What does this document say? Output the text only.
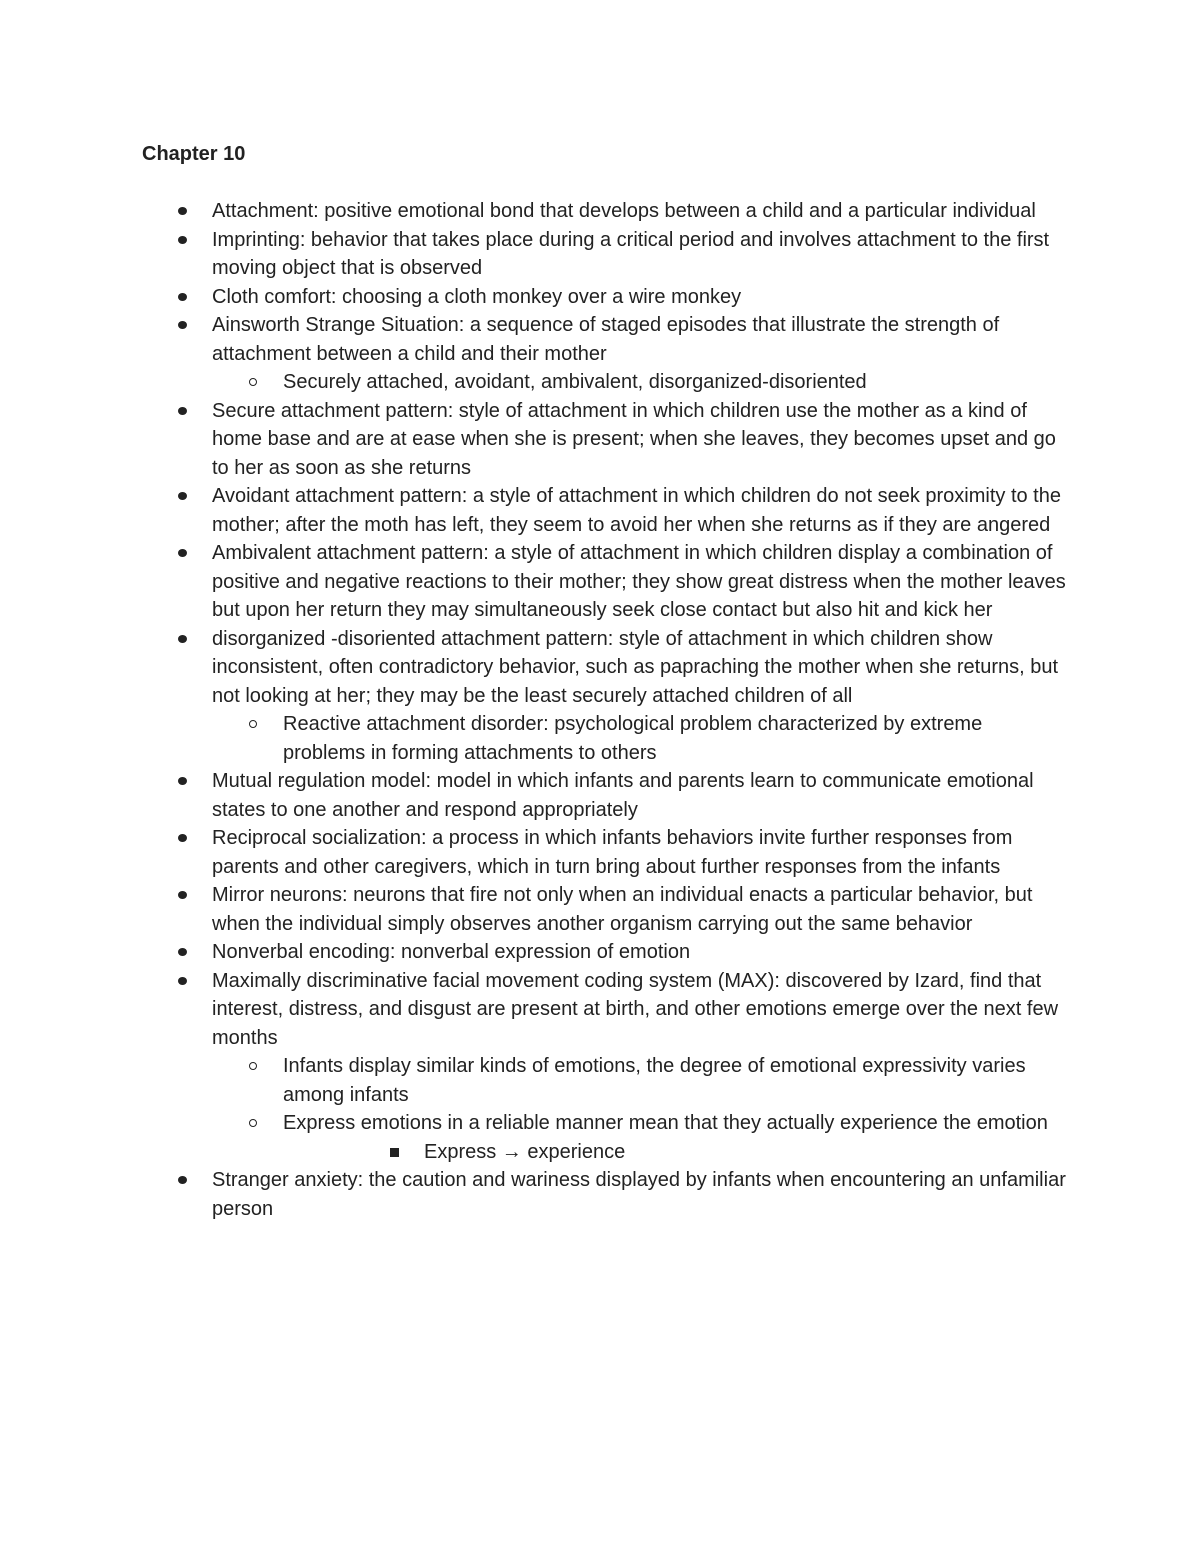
Chapter 10
Attachment: positive emotional bond that develops between a child and a particular individual
Imprinting: behavior that takes place during a critical period and involves attachment to the first moving object that is observed
Cloth comfort: choosing a cloth monkey over a wire monkey
Ainsworth Strange Situation: a sequence of staged episodes that illustrate the strength of attachment between a child and their mother
Securely attached, avoidant, ambivalent, disorganized-disoriented
Secure attachment pattern: style of attachment in which children use the mother as a kind of home base and are at ease when she is present; when she leaves, they becomes upset and go to her as soon as she returns
Avoidant attachment pattern: a style of attachment in which children do not seek proximity to the mother; after the moth has left, they seem to avoid her when she returns as if they are angered
Ambivalent attachment pattern: a style of attachment in which children display a combination of positive and negative reactions to their mother; they show great distress when the mother leaves but upon her return they may simultaneously seek close contact but also hit and kick her
disorganized -disoriented attachment pattern: style of attachment in which children show inconsistent, often contradictory behavior, such as papraching the mother when she returns, but not looking at her; they may be the least securely attached children of all
Reactive attachment disorder: psychological problem characterized by extreme problems in forming attachments to others
Mutual regulation model: model in which infants and parents learn to communicate emotional states to one another and respond appropriately
Reciprocal socialization: a process in which infants behaviors invite further responses from parents and other caregivers, which in turn bring about further responses from the infants
Mirror neurons: neurons that fire not only when an individual enacts a particular behavior, but when the individual simply observes another organism carrying out the same behavior
Nonverbal encoding: nonverbal expression of emotion
Maximally discriminative facial movement coding system (MAX): discovered by Izard, find that interest, distress, and disgust are present at birth, and other emotions emerge over the next few months
Infants display similar kinds of emotions, the degree of emotional expressivity varies among infants
Express emotions in a reliable manner mean that they actually experience the emotion
Express → experience
Stranger anxiety: the caution and wariness displayed by infants when encountering an unfamiliar person
